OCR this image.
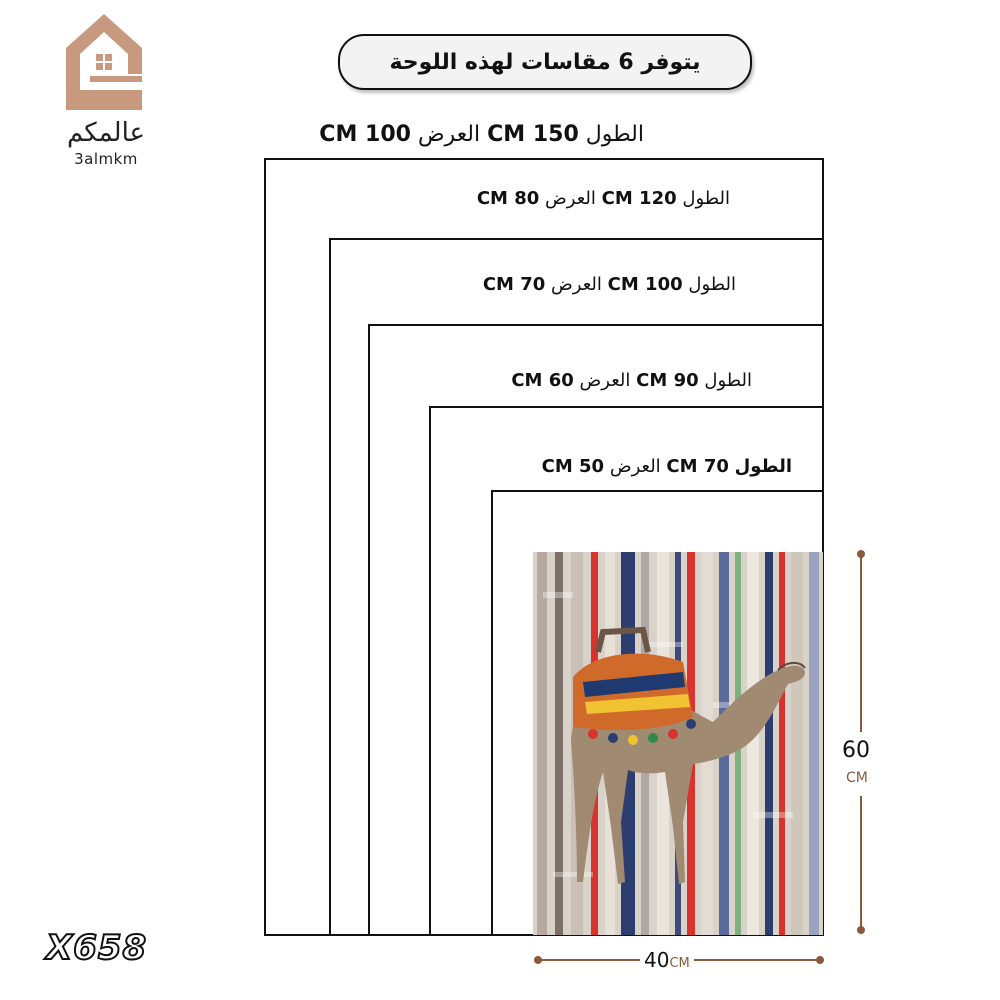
عالمكم
3almkm
يتوفر 6 مقاسات لهذه اللوحة
الطول 150 CM العرض 100 CM
الطول 120 CM العرض 80 CM
الطول 100 CM العرض 70 CM
الطول 90 CM العرض 60 CM
الطول 70 CM العرض 50 CM
60
CM
40CM
X658
